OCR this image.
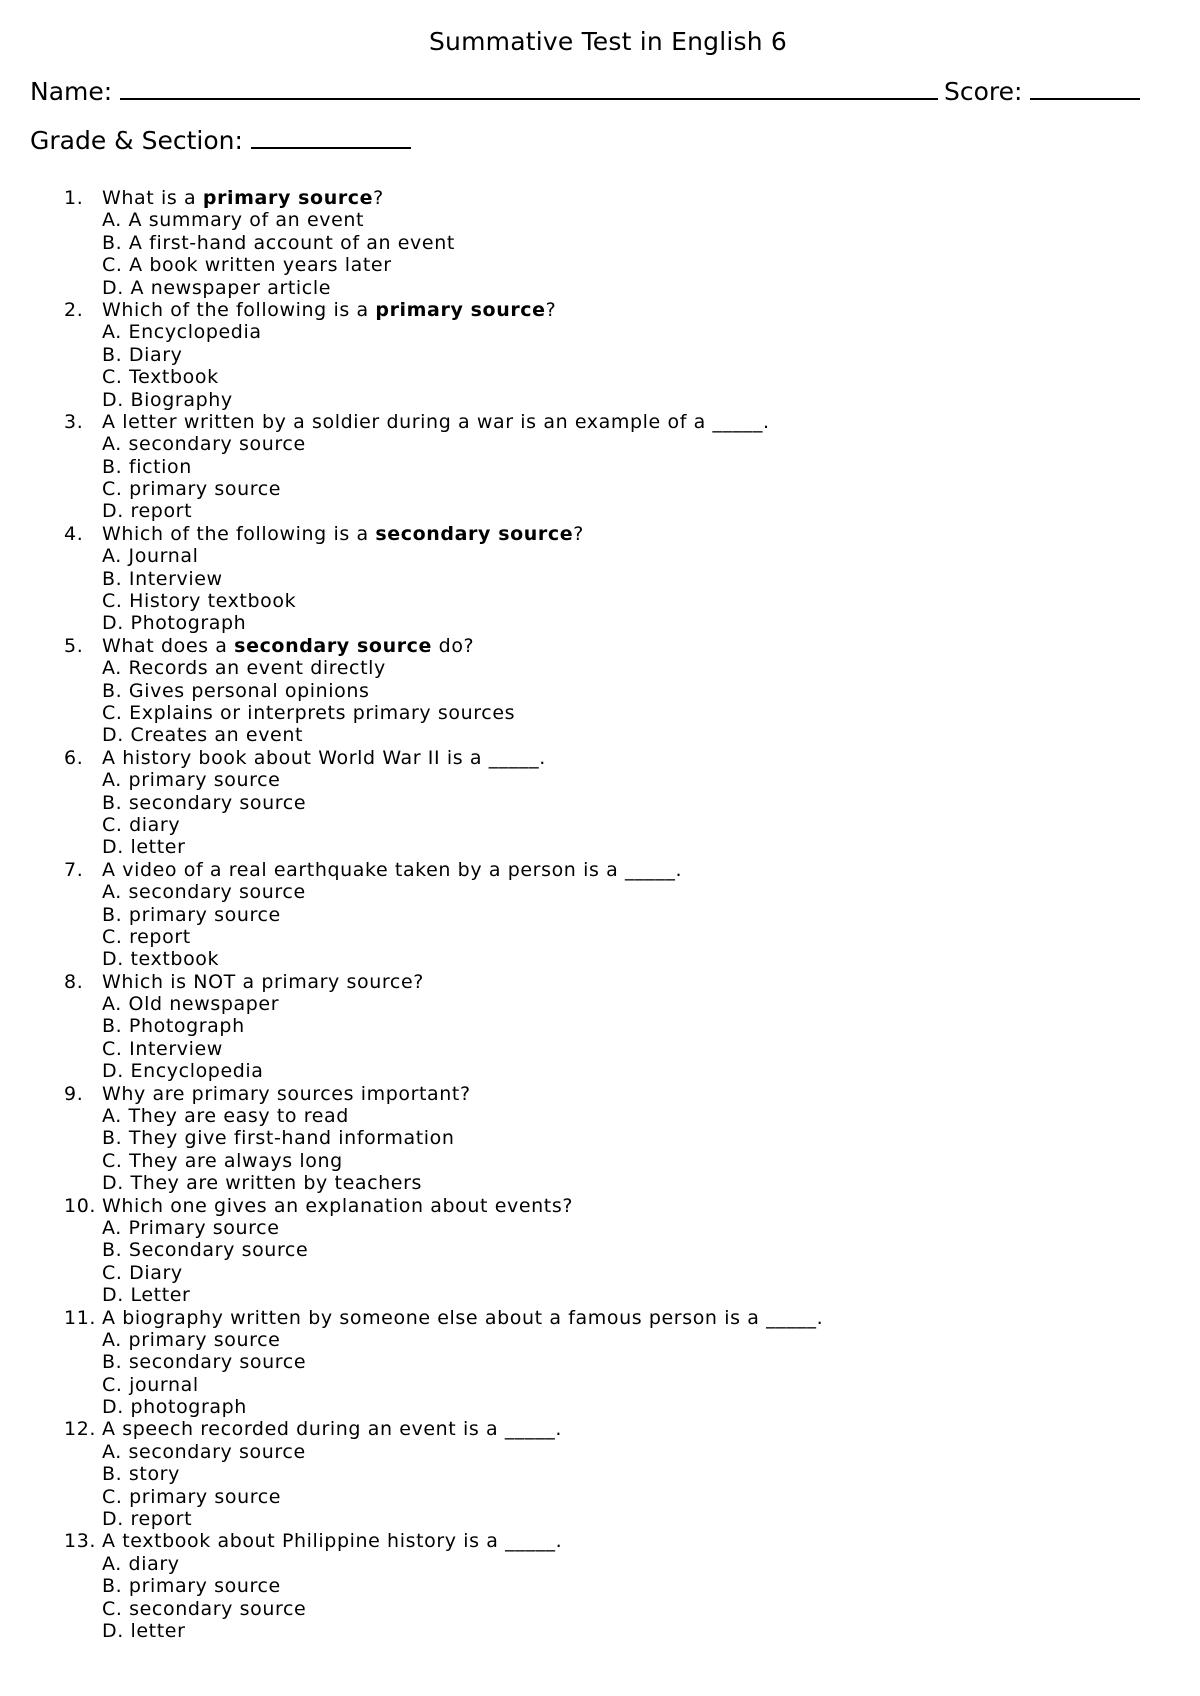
Summative Test in English 6
Name:	Score:
Grade & Section:
1. What is a primary source?
A. A summary of an event
B. A first-hand account of an event
C. A book written years later
D. A newspaper article
2. Which of the following is a primary source?
A. Encyclopedia
B. Diary
C. Textbook
D. Biography
3. A letter written by a soldier during a war is an example of a _____.
A. secondary source
B. fiction
C. primary source
D. report
4. Which of the following is a secondary source?
A. Journal
B. Interview
C. History textbook
D. Photograph
5. What does a secondary source do?
A. Records an event directly
B. Gives personal opinions
C. Explains or interprets primary sources
D. Creates an event
6. A history book about World War II is a _____.
A. primary source
B. secondary source
C. diary
D. letter
7. A video of a real earthquake taken by a person is a _____.
A. secondary source
B. primary source
C. report
D. textbook
8. Which is NOT a primary source?
A. Old newspaper
B. Photograph
C. Interview
D. Encyclopedia
9. Why are primary sources important?
A. They are easy to read
B. They give first-hand information
C. They are always long
D. They are written by teachers
10. Which one gives an explanation about events?
A. Primary source
B. Secondary source
C. Diary
D. Letter
11. A biography written by someone else about a famous person is a _____.
A. primary source
B. secondary source
C. journal
D. photograph
12. A speech recorded during an event is a _____.
A. secondary source
B. story
C. primary source
D. report
13. A textbook about Philippine history is a _____.
A. diary
B. primary source
C. secondary source
D. letter
